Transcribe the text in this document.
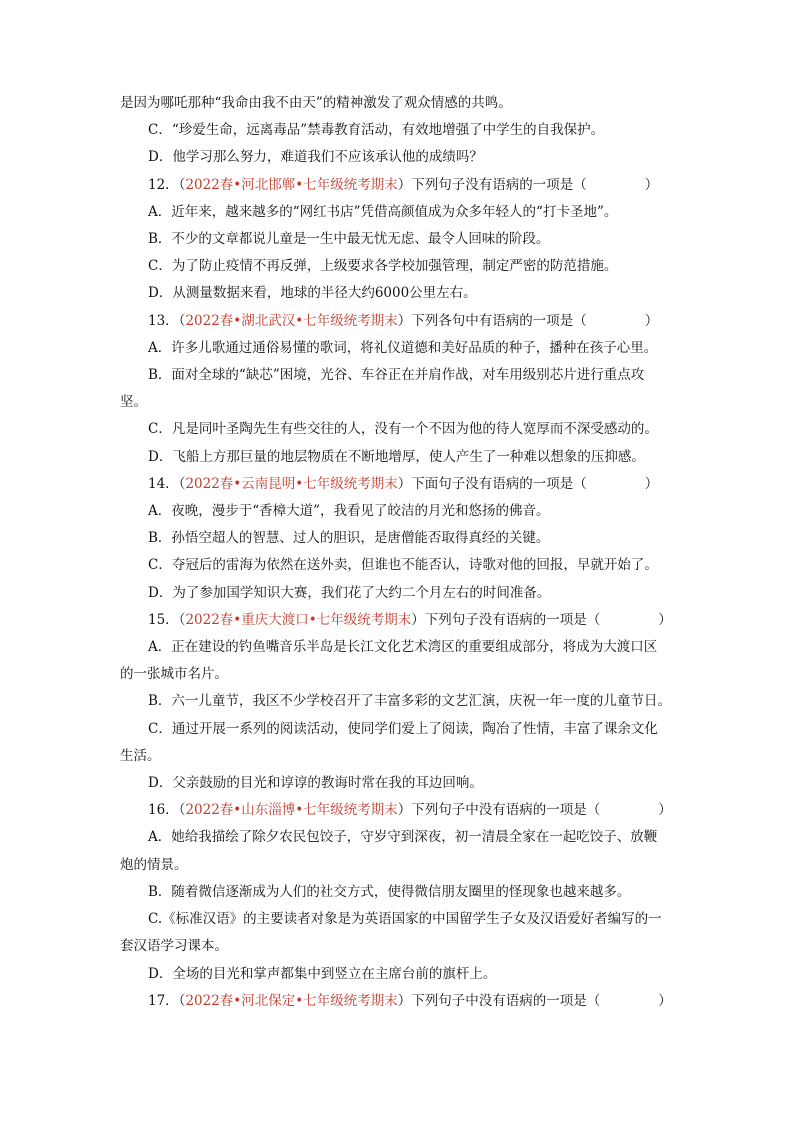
是因为哪吒那种“我命由我不由天”的精神激发了观众情感的共鸣。
C．“珍爱生命，远离毒品”禁毒教育活动，有效地增强了中学生的自我保护。
D．他学习那么努力，难道我们不应该承认他的成绩吗？
12．（2022春•河北邯郸•七年级统考期末）下列句子没有语病的一项是（	）
A．近年来，越来越多的“网红书店”凭借高颜值成为众多年轻人的“打卡圣地”。
B．不少的文章都说儿童是一生中最无忧无虑、最令人回味的阶段。
C．为了防止疫情不再反弹，上级要求各学校加强管理，制定严密的防范措施。
D．从测量数据来看，地球的半径大约6000公里左右。
13．（2022春•湖北武汉•七年级统考期末）下列各句中有语病的一项是（	）
A．许多儿歌通过通俗易懂的歌词，将礼仪道德和美好品质的种子，播种在孩子心里。
B．面对全球的“缺芯”困境，光谷、车谷正在并肩作战，对车用级别芯片进行重点攻
坚。
C．凡是同叶圣陶先生有些交往的人，没有一个不因为他的待人宽厚而不深受感动的。
D．飞船上方那巨量的地层物质在不断地增厚，使人产生了一种难以想象的压抑感。
14．（2022春•云南昆明•七年级统考期末）下面句子没有语病的一项是（	）
A．夜晚，漫步于“香樟大道”，我看见了皎洁的月光和悠扬的佛音。
B．孙悟空超人的智慧、过人的胆识，是唐僧能否取得真经的关键。
C．夺冠后的雷海为依然在送外卖，但谁也不能否认，诗歌对他的回报，早就开始了。
D．为了参加国学知识大赛，我们花了大约二个月左右的时间准备。
15．（2022春•重庆大渡口•七年级统考期末）下列句子没有语病的一项是（	）
A．正在建设的钓鱼嘴音乐半岛是长江文化艺术湾区的重要组成部分，将成为大渡口区
的一张城市名片。
B．六一儿童节，我区不少学校召开了丰富多彩的文艺汇演，庆祝一年一度的儿童节日。
C．通过开展一系列的阅读活动，使同学们爱上了阅读，陶冶了性情，丰富了课余文化
生活。
D．父亲鼓励的目光和谆谆的教诲时常在我的耳边回响。
16．（2022春•山东淄博•七年级统考期末）下列句子中没有语病的一项是（	）
A．她给我描绘了除夕农民包饺子，守岁守到深夜，初一清晨全家在一起吃饺子、放鞭
炮的情景。
B．随着微信逐渐成为人们的社交方式，使得微信朋友圈里的怪现象也越来越多。
C.《标准汉语》的主要读者对象是为英语国家的中国留学生子女及汉语爱好者编写的一
套汉语学习课本。
D．全场的目光和掌声都集中到竖立在主席台前的旗杆上。
17．（2022春•河北保定•七年级统考期末）下列句子中没有语病的一项是（	）
